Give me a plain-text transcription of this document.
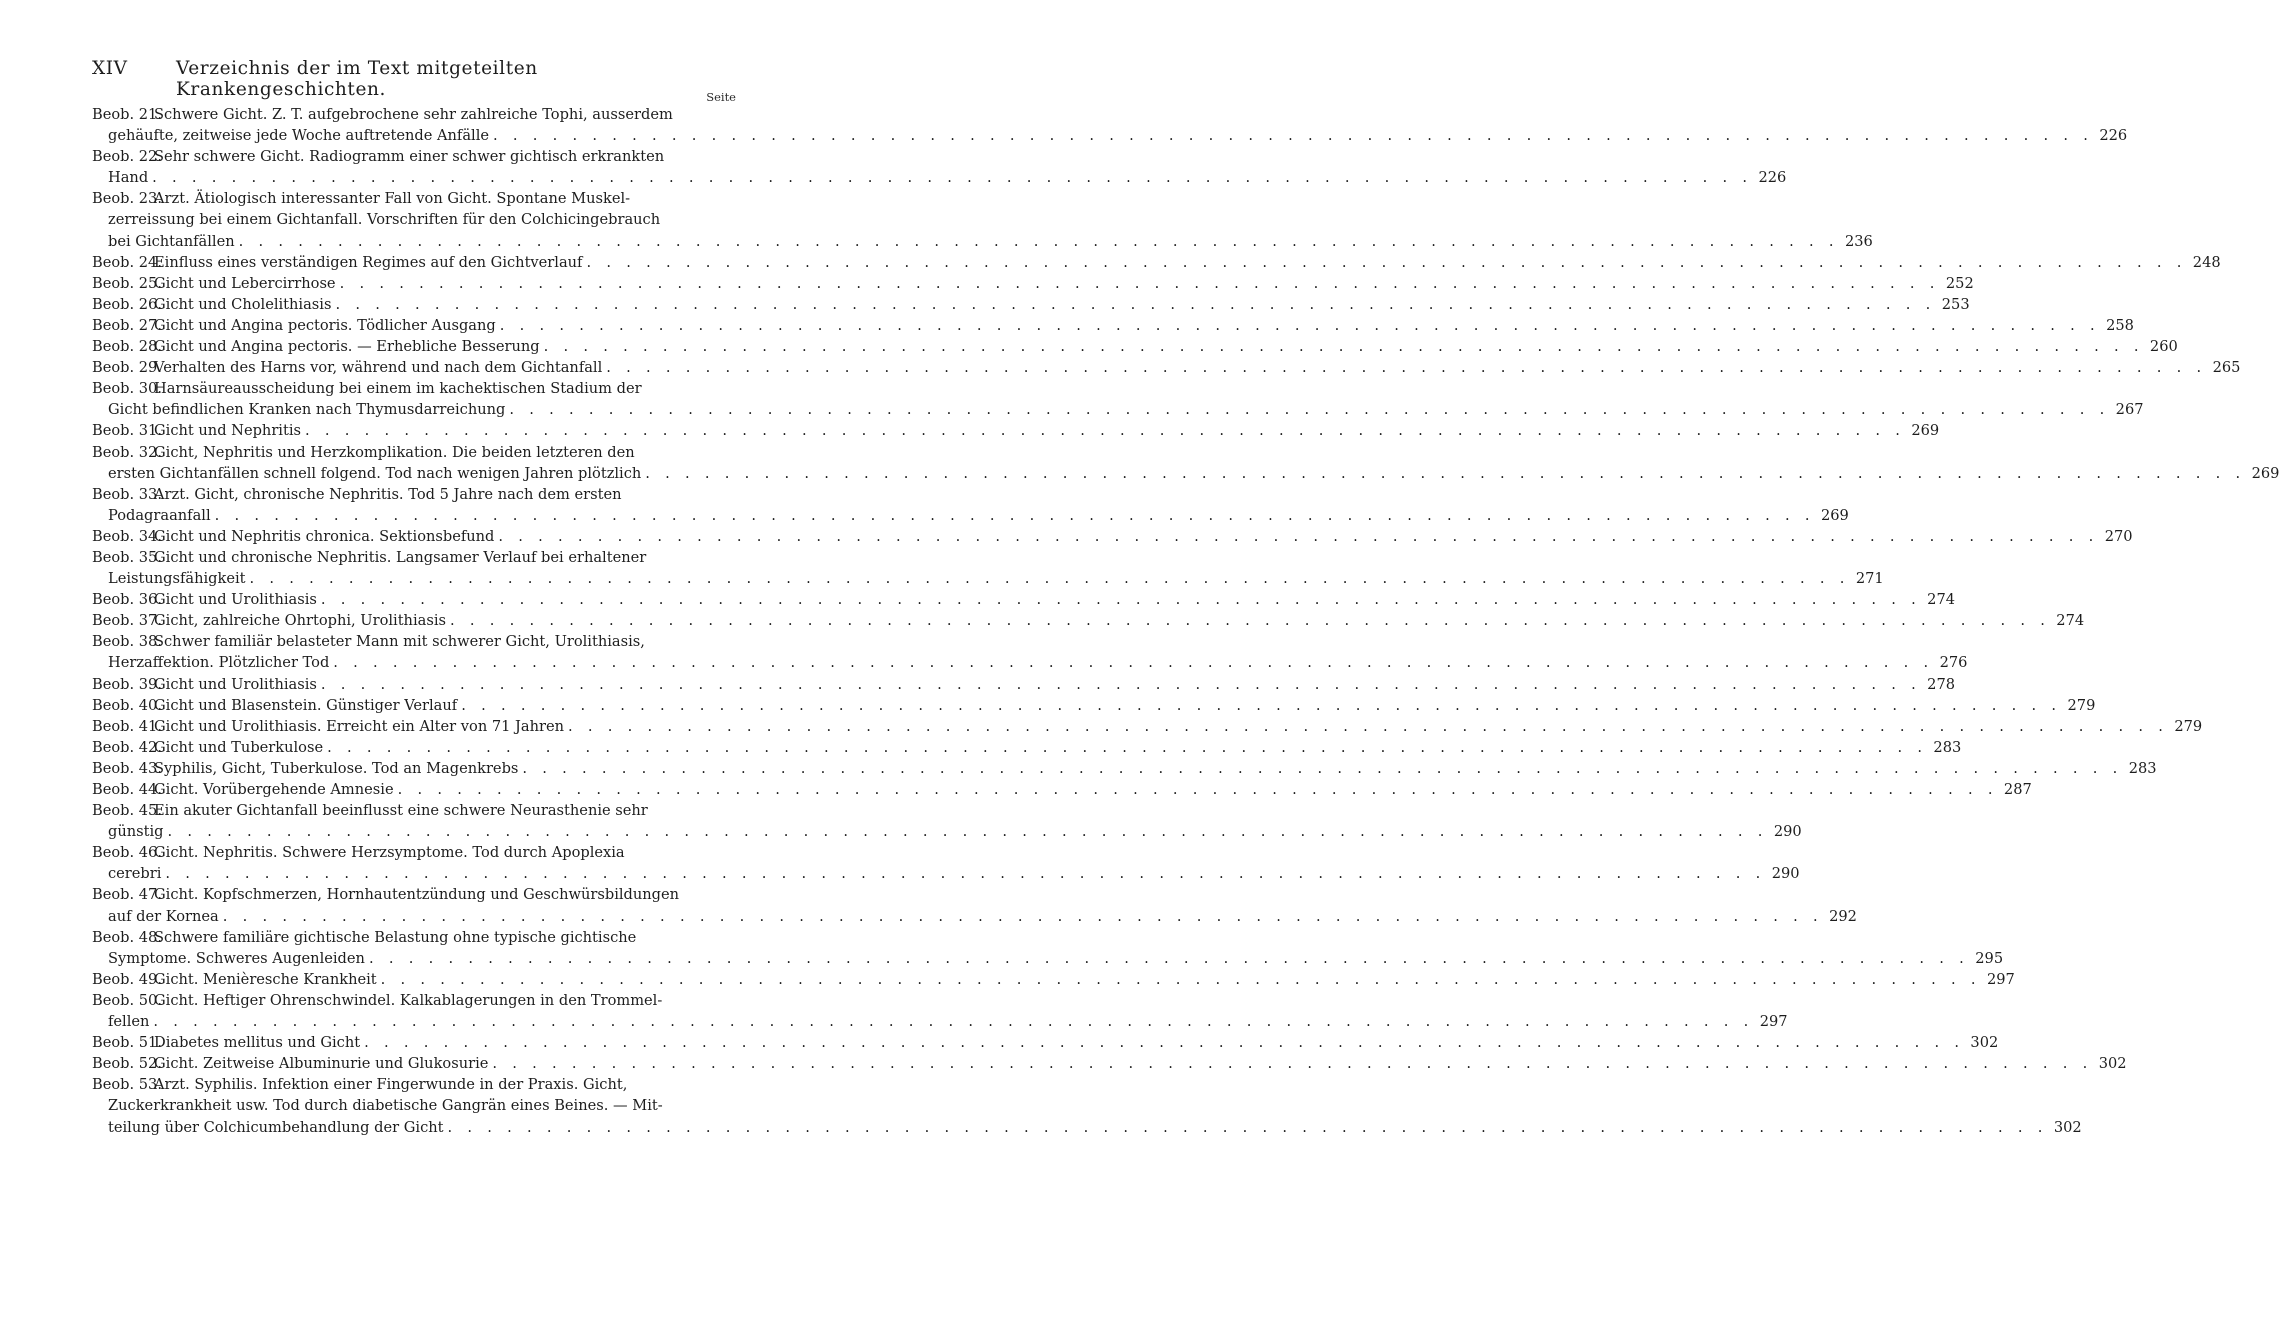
XIV	Verzeichnis der im Text mitgeteilten Krankengeschichten.	Seite
Beob. 21.Schwere Gicht. Z. T. aufgebrochene sehr zahlreiche Tophi, ausserdem
gehäufte, zeitweise jede Woche auftretende Anfälle . . .	226
Beob. 22.Sehr schwere Gicht. Radiogramm einer schwer gichtisch erkrankten
Hand . . .	226
Beob. 23.Arzt. Ätiologisch interessanter Fall von Gicht. Spontane Muskel-
zerreissung bei einem Gichtanfall. Vorschriften für den Colchicingebrauch
bei Gichtanfällen . . .	236
Beob. 24.Einfluss eines verständigen Regimes auf den Gichtverlauf . . .	248
Beob. 25.Gicht und Lebercirrhose . . .	252
Beob. 26.Gicht und Cholelithiasis . . .	253
Beob. 27.Gicht und Angina pectoris. Tödlicher Ausgang . . .	258
Beob. 28.Gicht und Angina pectoris. — Erhebliche Besserung . . .	260
Beob. 29.Verhalten des Harns vor, während und nach dem Gichtanfall . . .	265
Beob. 30.Harnsäureausscheidung bei einem im kachektischen Stadium der
Gicht befindlichen Kranken nach Thymusdarreichung . . .	267
Beob. 31.Gicht und Nephritis . . .	269
Beob. 32.Gicht, Nephritis und Herzkomplikation. Die beiden letzteren den
ersten Gichtanfällen schnell folgend. Tod nach wenigen Jahren plötzlich . . .	269
Beob. 33.Arzt. Gicht, chronische Nephritis. Tod 5 Jahre nach dem ersten
Podagraanfall . . .	269
Beob. 34.Gicht und Nephritis chronica. Sektionsbefund . . .	270
Beob. 35.Gicht und chronische Nephritis. Langsamer Verlauf bei erhaltener
Leistungsfähigkeit . . .	271
Beob. 36.Gicht und Urolithiasis . . .	274
Beob. 37.Gicht, zahlreiche Ohrtophi, Urolithiasis . . .	274
Beob. 38.Schwer familiär belasteter Mann mit schwerer Gicht, Urolithiasis,
Herzaffektion. Plötzlicher Tod . . .	276
Beob. 39.Gicht und Urolithiasis . . .	278
Beob. 40.Gicht und Blasenstein. Günstiger Verlauf . . .	279
Beob. 41.Gicht und Urolithiasis. Erreicht ein Alter von 71 Jahren . . .	279
Beob. 42.Gicht und Tuberkulose . . .	283
Beob. 43.Syphilis, Gicht, Tuberkulose. Tod an Magenkrebs . . .	283
Beob. 44.Gicht. Vorübergehende Amnesie . . .	287
Beob. 45.Ein akuter Gichtanfall beeinflusst eine schwere Neurasthenie sehr
günstig . . .	290
Beob. 46.Gicht. Nephritis. Schwere Herzsymptome. Tod durch Apoplexia
cerebri . . .	290
Beob. 47.Gicht. Kopfschmerzen, Hornhautentzündung und Geschwürsbildungen
auf der Kornea . . .	292
Beob. 48.Schwere familiäre gichtische Belastung ohne typische gichtische
Symptome. Schweres Augenleiden . . .	295
Beob. 49.Gicht. Menièresche Krankheit . . .	297
Beob. 50.Gicht. Heftiger Ohrenschwindel. Kalkablagerungen in den Trommel-
fellen . . .	297
Beob. 51.Diabetes mellitus und Gicht . . .	302
Beob. 52.Gicht. Zeitweise Albuminurie und Glukosurie . . .	302
Beob. 53.Arzt. Syphilis. Infektion einer Fingerwunde in der Praxis. Gicht,
Zuckerkrankheit usw. Tod durch diabetische Gangrän eines Beines. — Mit-
teilung über Colchicumbehandlung der Gicht . . .	302
